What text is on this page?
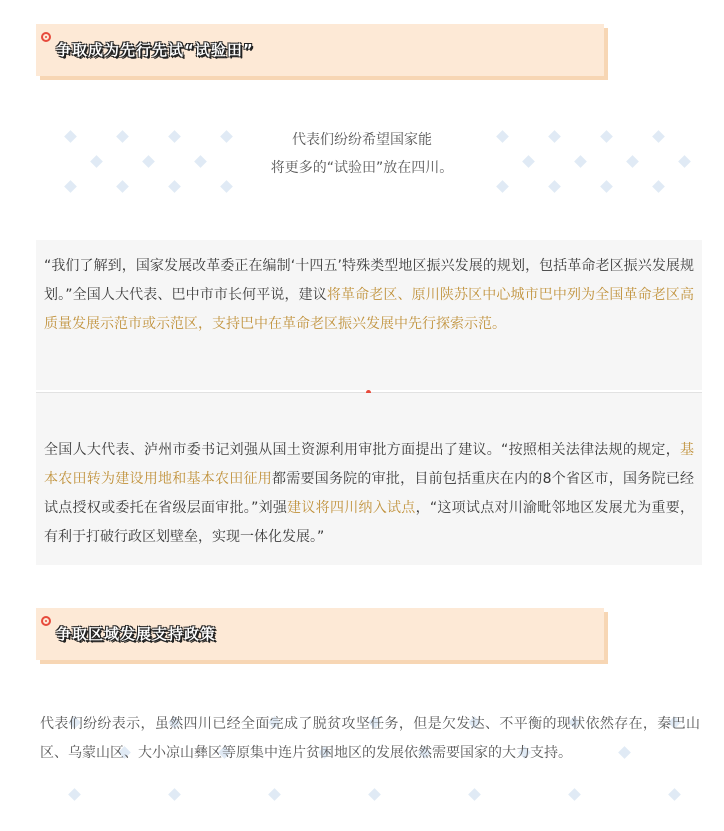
争取成为先行先试“试验田”
代表们纷纷希望国家能
将更多的“试验田”放在四川。
“我们了解到，国家发展改革委正在编制‘十四五’特殊类型地区振兴发展的规划，包括革命老区振兴发展规划。”全国人大代表、巴中市市长何平说，建议将革命老区、原川陕苏区中心城市巴中列为全国革命老区高质量发展示范市或示范区，支持巴中在革命老区振兴发展中先行探索示范。
全国人大代表、泸州市委书记刘强从国土资源利用审批方面提出了建议。“按照相关法律法规的规定，基本农田转为建设用地和基本农田征用都需要国务院的审批，目前包括重庆在内的8个省区市，国务院已经试点授权或委托在省级层面审批。”刘强建议将四川纳入试点，“这项试点对川渝毗邻地区发展尤为重要，有利于打破行政区划壁垒，实现一体化发展。”
争取区域发展支持政策
代表们纷纷表示，虽然四川已经全面完成了脱贫攻坚任务，但是欠发达、不平衡的现状依然存在，秦巴山区、乌蒙山区、大小凉山彝区等原集中连片贫困地区的发展依然需要国家的大力支持。
